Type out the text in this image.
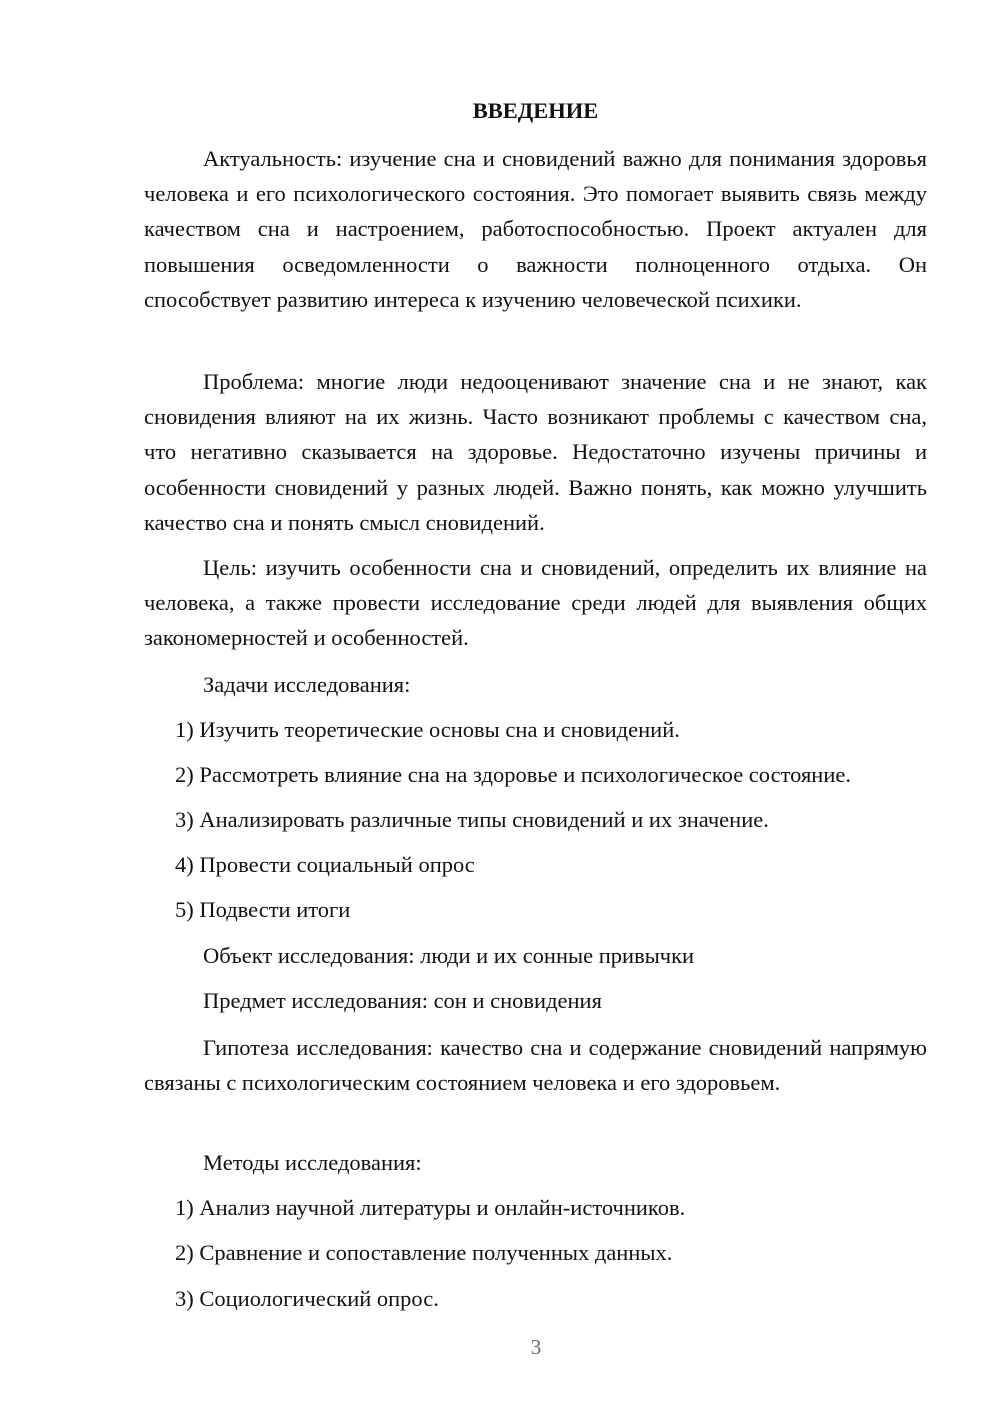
ВВЕДЕНИЕ

Актуальность: изучение сна и сновидений важно для понимания здоровья человека и его психологического состояния. Это помогает выявить связь между качеством сна и настроением, работоспособностью. Проект актуален для повышения осведомленности о важности полноценного отдыха. Он способствует развитию интереса к изучению человеческой психики.

Проблема: многие люди недооценивают значение сна и не знают, как сновидения влияют на их жизнь. Часто возникают проблемы с качеством сна, что негативно сказывается на здоровье. Недостаточно изучены причины и особенности сновидений у разных людей. Важно понять, как можно улучшить качество сна и понять смысл сновидений.

Цель: изучить особенности сна и сновидений, определить их влияние на человека, а также провести исследование среди людей для выявления общих закономерностей и особенностей.

Задачи исследования:

1) Изучить теоретические основы сна и сновидений.

2) Рассмотреть влияние сна на здоровье и психологическое состояние.

3) Анализировать различные типы сновидений и их значение.

4) Провести социальный опрос

5) Подвести итоги

Объект исследования: люди и их сонные привычки

Предмет исследования: сон и сновидения

Гипотеза исследования: качество сна и содержание сновидений напрямую связаны с психологическим состоянием человека и его здоровьем.

Методы исследования:

1) Анализ научной литературы и онлайн-источников.

2) Сравнение и сопоставление полученных данных.

3) Социологический опрос.

3
